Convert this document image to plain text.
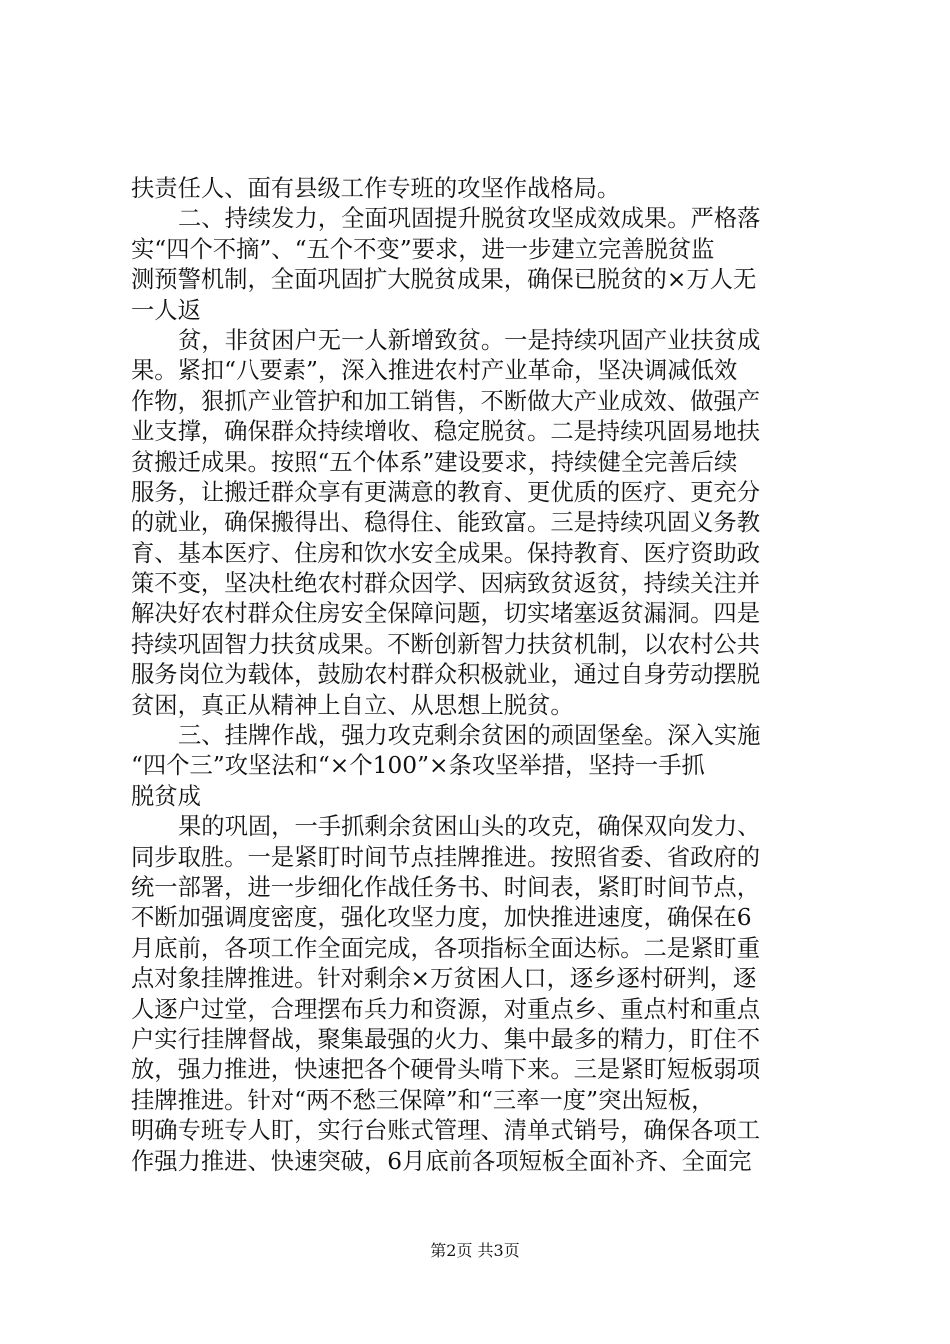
扶责任人、面有县级工作专班的攻坚作战格局。
二、持续发力，全面巩固提升脱贫攻坚成效成果。严格落
实“四个不摘”、“五个不变”要求，进一步建立完善脱贫监
测预警机制，全面巩固扩大脱贫成果，确保已脱贫的×万人无
一人返
贫，非贫困户无一人新增致贫。一是持续巩固产业扶贫成
果。紧扣“八要素”，深入推进农村产业革命，坚决调减低效
作物，狠抓产业管护和加工销售，不断做大产业成效、做强产
业支撑，确保群众持续增收、稳定脱贫。二是持续巩固易地扶
贫搬迁成果。按照“五个体系”建设要求，持续健全完善后续
服务，让搬迁群众享有更满意的教育、更优质的医疗、更充分
的就业，确保搬得出、稳得住、能致富。三是持续巩固义务教
育、基本医疗、住房和饮水安全成果。保持教育、医疗资助政
策不变，坚决杜绝农村群众因学、因病致贫返贫，持续关注并
解决好农村群众住房安全保障问题，切实堵塞返贫漏洞。四是
持续巩固智力扶贫成果。不断创新智力扶贫机制，以农村公共
服务岗位为载体，鼓励农村群众积极就业，通过自身劳动摆脱
贫困，真正从精神上自立、从思想上脱贫。
三、挂牌作战，强力攻克剩余贫困的顽固堡垒。深入实施
“四个三”攻坚法和“×个100”×条攻坚举措，坚持一手抓
脱贫成
果的巩固，一手抓剩余贫困山头的攻克，确保双向发力、
同步取胜。一是紧盯时间节点挂牌推进。按照省委、省政府的
统一部署，进一步细化作战任务书、时间表，紧盯时间节点，
不断加强调度密度，强化攻坚力度，加快推进速度，确保在6
月底前，各项工作全面完成，各项指标全面达标。二是紧盯重
点对象挂牌推进。针对剩余×万贫困人口，逐乡逐村研判，逐
人逐户过堂，合理摆布兵力和资源，对重点乡、重点村和重点
户实行挂牌督战，聚集最强的火力、集中最多的精力，盯住不
放，强力推进，快速把各个硬骨头啃下来。三是紧盯短板弱项
挂牌推进。针对“两不愁三保障”和“三率一度”突出短板，
明确专班专人盯，实行台账式管理、清单式销号，确保各项工
作强力推进、快速突破，6月底前各项短板全面补齐、全面完
第2页 共3页
